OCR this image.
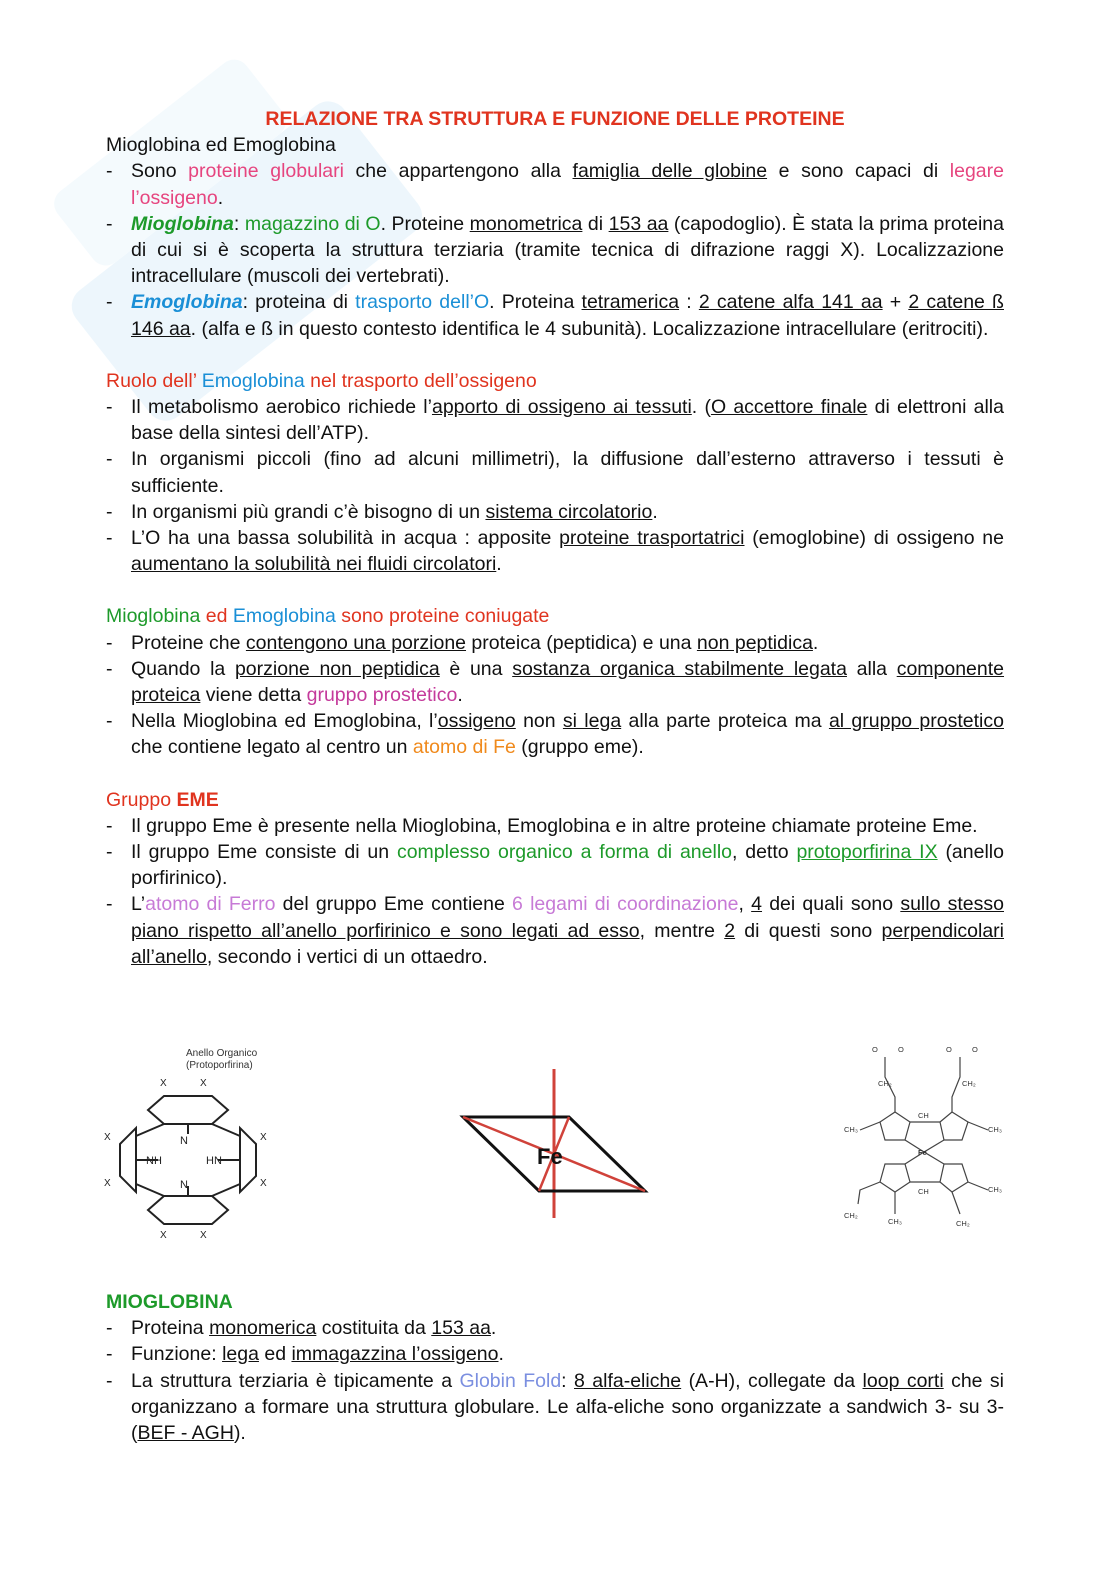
RELAZIONE TRA STRUTTURA E FUNZIONE DELLE PROTEINE

Mioglobina ed Emoglobina

- Sono proteine globulari che appartengono alla famiglia delle globine e sono capaci di legare l’ossigeno.
- Mioglobina: magazzino di O. Proteine monometrica di 153 aa (capodoglio). È stata la prima proteina di cui si è scoperta la struttura terziaria (tramite tecnica di difrazione raggi X). Localizzazione intracellulare (muscoli dei vertebrati).
- Emoglobina: proteina di trasporto dell’O. Proteina tetramerica : 2 catene alfa 141 aa + 2 catene ß 146 aa. (alfa e ß in questo contesto identifica le 4 subunità). Localizzazione intracellulare (eritrociti).

Ruolo dell’ Emoglobina nel trasporto dell’ossigeno

- Il metabolismo aerobico richiede l’apporto di ossigeno ai tessuti. (O accettore finale di elettroni alla base della sintesi dell’ATP).
- In organismi piccoli (fino ad alcuni millimetri), la diffusione dall’esterno attraverso i tessuti è sufficiente.
- In organismi più grandi c’è bisogno di un sistema circolatorio.
- L’O ha una bassa solubilità in acqua : apposite proteine trasportatrici (emoglobine) di ossigeno ne aumentano la solubilità nei fluidi circolatori.

Mioglobina ed Emoglobina sono proteine coniugate

- Proteine che contengono una porzione proteica (peptidica) e una non peptidica.
- Quando la porzione non peptidica è una sostanza organica stabilmente legata alla componente proteica viene detta gruppo prostetico.
- Nella Mioglobina ed Emoglobina, l’ossigeno non si lega alla parte proteica ma al gruppo prostetico che contiene legato al centro un atomo di Fe (gruppo eme).

Gruppo EME

- Il gruppo Eme è presente nella Mioglobina, Emoglobina e in altre proteine chiamate proteine Eme.
- Il gruppo Eme consiste di un complesso organico a forma di anello, detto protoporfirina IX (anello porfirinico).
- L’atomo di Ferro del gruppo Eme contiene 6 legami di coordinazione, 4 dei quali sono sullo stesso piano rispetto all’anello porfirinico e sono legati ad esso, mentre 2 di questi sono perpendicolari all’anello, secondo i vertici di un ottaedro.
Anello Organico
(Protoporfirina)
N
N
NH	HN
X	X
X
X
X
X
X	X
Fe
O	O	O	O
CH₂	CH₂
CH₃	CH₃
CH
CH	CH₃
CH₂
CH₃	CH₂
Fe

MIOGLOBINA

- Proteina monomerica costituita da 153 aa.
- Funzione: lega ed immagazzina l’ossigeno.
- La struttura terziaria è tipicamente a Globin Fold: 8 alfa-eliche (A-H), collegate da loop corti che si organizzano a formare una struttura globulare. Le alfa-eliche sono organizzate a sandwich 3- su 3- (BEF - AGH).
